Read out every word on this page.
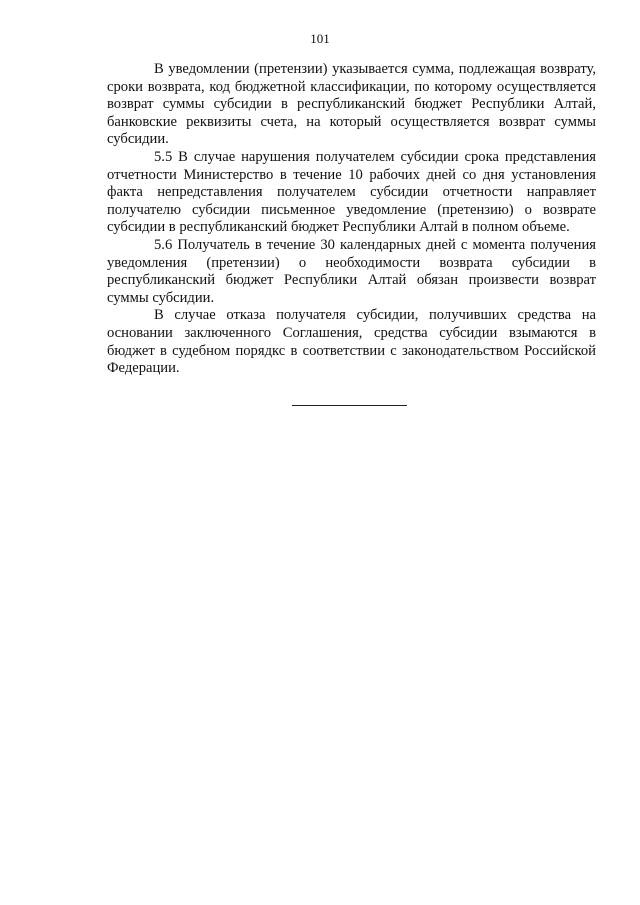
101

В уведомлении (претензии) указывается сумма, подлежащая возврату, сроки возврата, код бюджетной классификации, по которому осуществляется возврат суммы субсидии в республиканский бюджет Республики Алтай, банковские реквизиты счета, на который осуществляется возврат суммы субсидии.

5.5 В случае нарушения получателем субсидии срока представления отчетности Министерство в течение 10 рабочих дней со дня установления факта непредставления получателем субсидии отчетности направляет получателю субсидии письменное уведомление (претензию) о возврате субсидии в республиканский бюджет Республики Алтай в полном объеме.

5.6 Получатель в течение 30 календарных дней с момента получения уведомления (претензии) о необходимости возврата субсидии в республиканский бюджет Республики Алтай обязан произвести возврат суммы субсидии.

В случае отказа получателя субсидии, получивших средства на основании заключенного Соглашения, средства субсидии взымаются в бюджет в судебном порядкс в соответствии с законодательством Российской Федерации.
